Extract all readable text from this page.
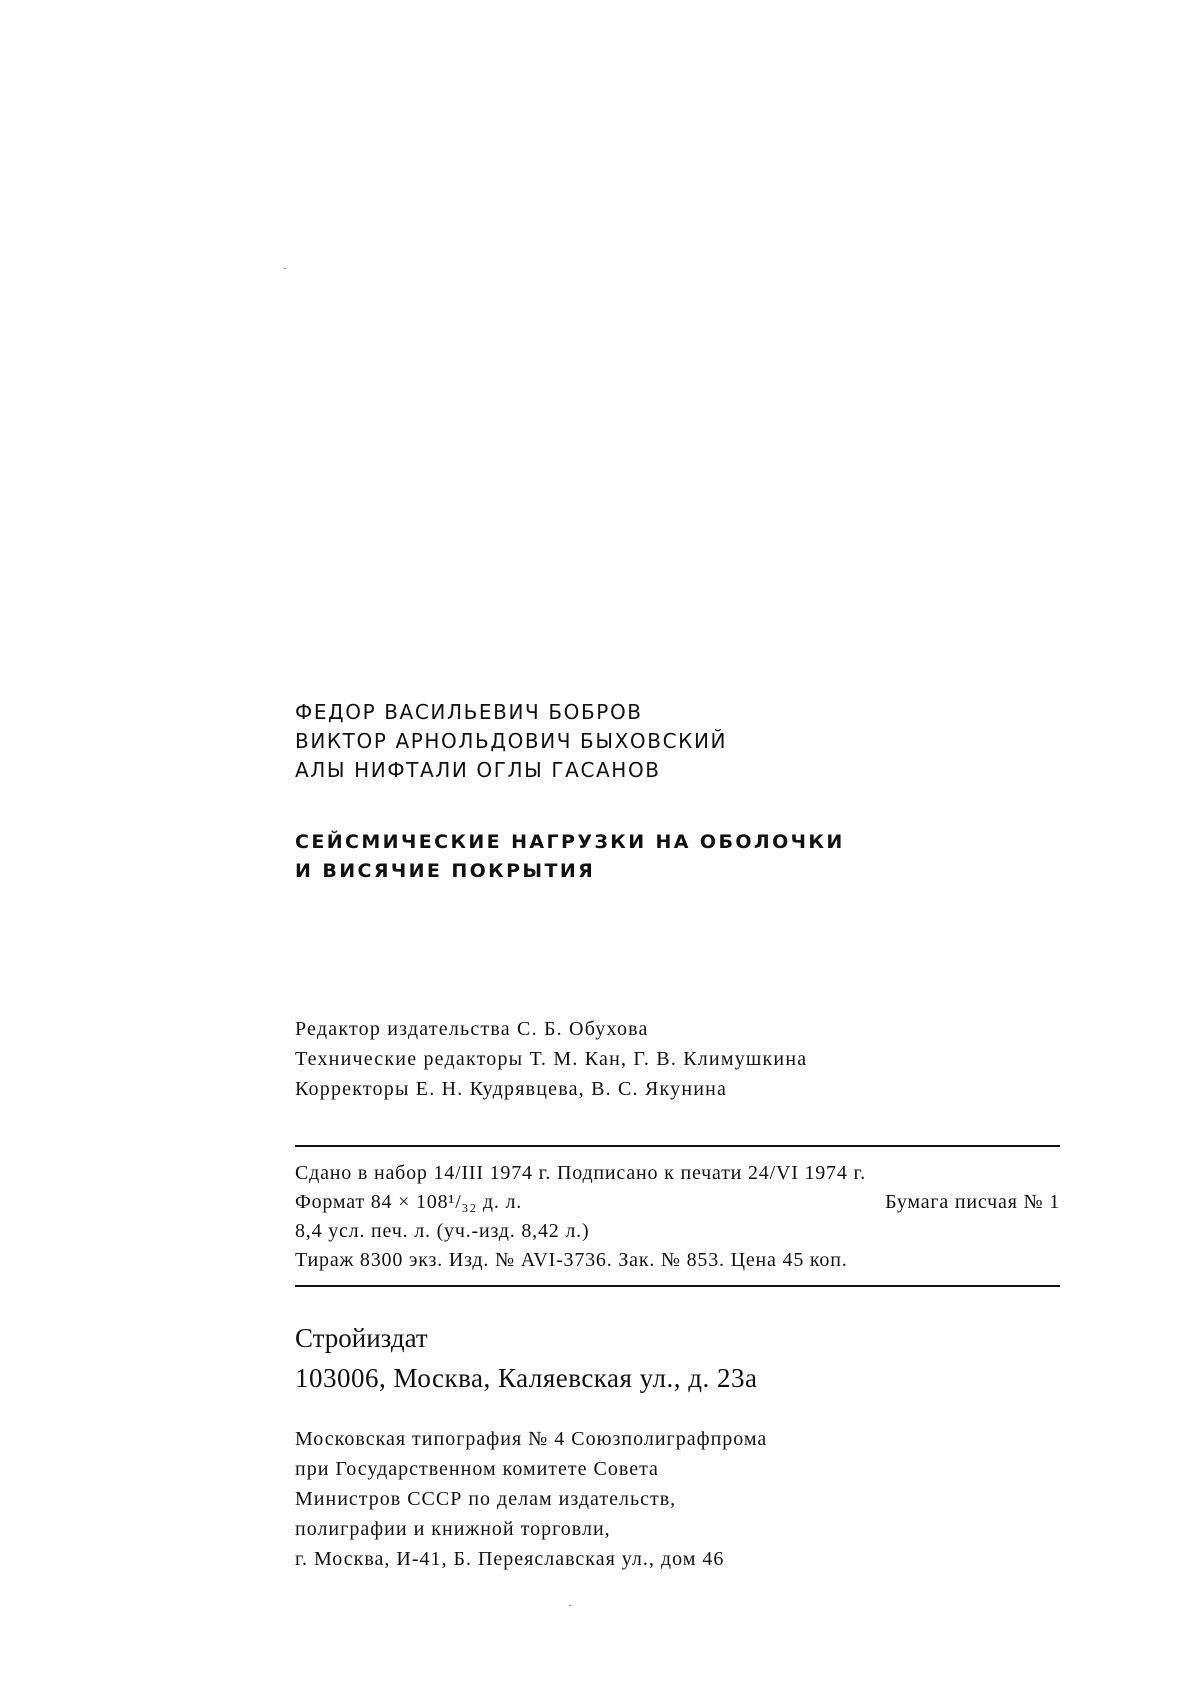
ФЕДОР ВАСИЛЬЕВИЧ БОБРОВ
ВИКТОР АРНОЛЬДОВИЧ БЫХОВСКИЙ
АЛЫ НИФТАЛИ ОГЛЫ ГАСАНОВ
СЕЙСМИЧЕСКИЕ НАГРУЗКИ НА ОБОЛОЧКИ
И ВИСЯЧИЕ ПОКРЫТИЯ
Редактор издательства С. Б. Обухова
Технические редакторы Т. М. Кан, Г. В. Климушкина
Корректоры Е. Н. Кудрявцева, В. С. Якунина
Сдано в набор 14/III 1974 г. Подписано к печати 24/VI 1974 г.
Формат 84 × 108¹/₃₂ д. л.	Бумага писчая № 1
8,4 усл. печ. л. (уч.-изд. 8,42 л.)
Тираж 8300 экз. Изд. № AVI-3736. Зак. № 853. Цена 45 коп.
Стройиздат
103006, Москва, Каляевская ул., д. 23а
Московская типография № 4 Союзполиграфпрома
при Государственном комитете Совета
Министров СССР по делам издательств,
полиграфии и книжной торговли,
г. Москва, И-41, Б. Переяславская ул., дом 46
